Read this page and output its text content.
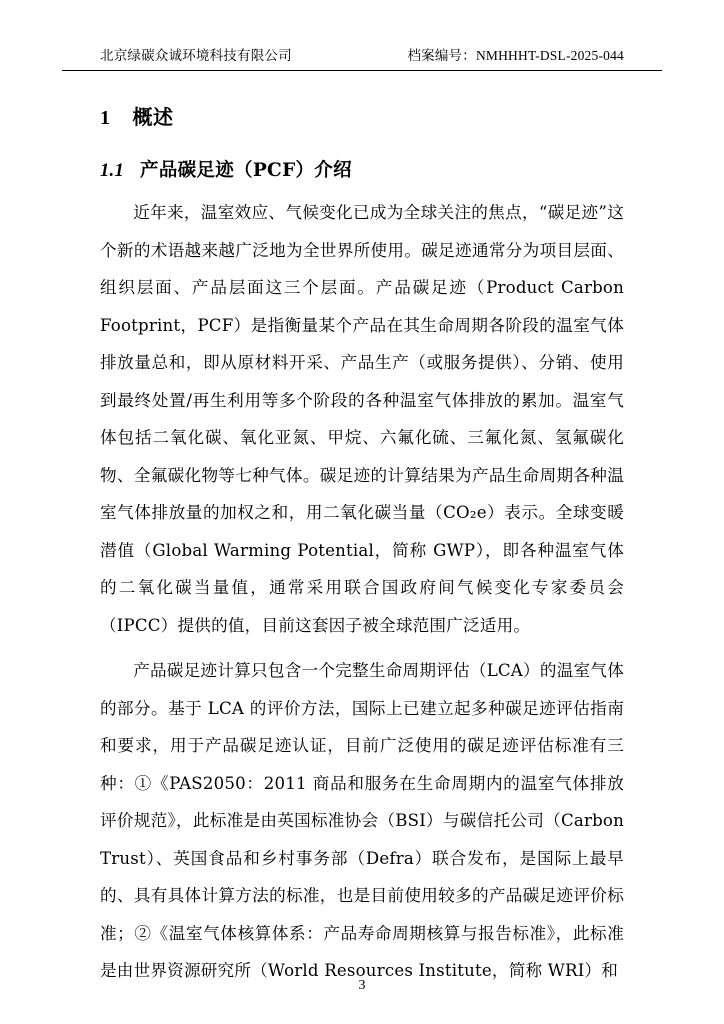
北京绿碳众诚环境科技有限公司	档案编号：NMHHHT-DSL-2025-044
1 概述
1.1 产品碳足迹（PCF）介绍

近年来，温室效应、气候变化已成为全球关注的焦点，“碳足迹”这个新的术语越来越广泛地为全世界所使用。碳足迹通常分为项目层面、组织层面、产品层面这三个层面。产品碳足迹（Product Carbon Footprint，PCF）是指衡量某个产品在其生命周期各阶段的温室气体排放量总和，即从原材料开采、产品生产（或服务提供）、分销、使用到最终处置/再生利用等多个阶段的各种温室气体排放的累加。温室气体包括二氧化碳、氧化亚氮、甲烷、六氟化硫、三氟化氮、氢氟碳化物、全氟碳化物等七种气体。碳足迹的计算结果为产品生命周期各种温室气体排放量的加权之和，用二氧化碳当量（CO₂e）表示。全球变暖潜值（Global Warming Potential，简称 GWP），即各种温室气体的二氧化碳当量值，通常采用联合国政府间气候变化专家委员会（IPCC）提供的值，目前这套因子被全球范围广泛适用。

产品碳足迹计算只包含一个完整生命周期评估（LCA）的温室气体的部分。基于 LCA 的评价方法，国际上已建立起多种碳足迹评估指南和要求，用于产品碳足迹认证，目前广泛使用的碳足迹评估标准有三种：①《PAS2050：2011 商品和服务在生命周期内的温室气体排放评价规范》，此标准是由英国标准协会（BSI）与碳信托公司（Carbon Trust）、英国食品和乡村事务部（Defra）联合发布，是国际上最早的、具有具体计算方法的标准，也是目前使用较多的产品碳足迹评价标准；②《温室气体核算体系：产品寿命周期核算与报告标准》，此标准是由世界资源研究所（World Resources Institute，简称 WRI）和

3
